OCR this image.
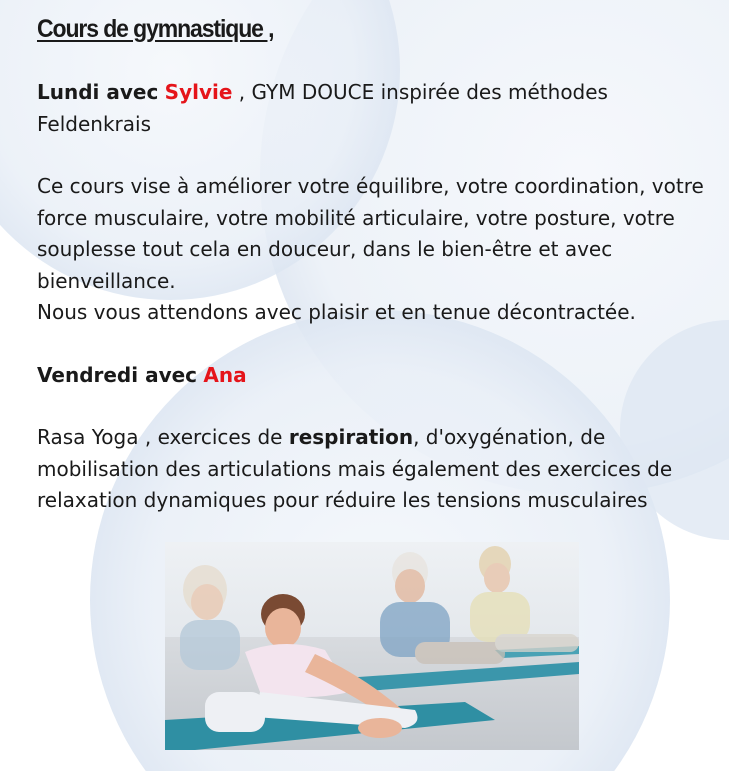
Cours de gymnastique ,

Lundi avec Sylvie , GYM DOUCE inspirée des méthodes Feldenkrais

Ce cours vise à améliorer votre équilibre, votre coordination, votre force musculaire, votre mobilité articulaire, votre posture, votre souplesse tout cela en douceur, dans le bien-être et avec bienveillance.
Nous vous attendons avec plaisir et en tenue décontractée.

Vendredi avec Ana

Rasa Yoga , exercices de respiration, d'oxygénation, de mobilisation des articulations mais également des exercices de relaxation dynamiques pour réduire les tensions musculaires
